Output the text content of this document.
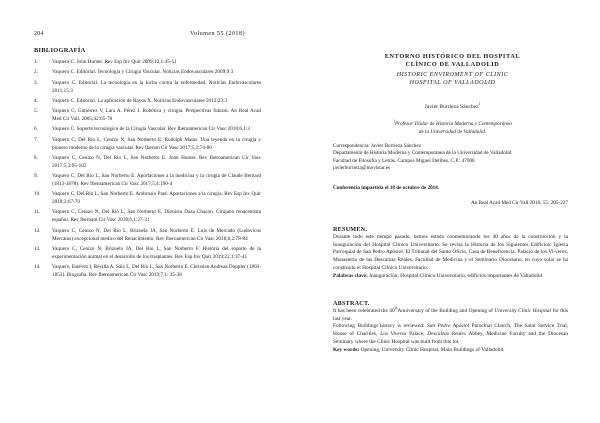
204	Volumen 55 (2018)
BIBLIOGRAFÍA
1.	Vaquero C. John Hunter. Rev Esp Inv Quir 2009;12,1:45-51
2.	Vaquero C. Editorial. Tecnología y Cirugía Vascular. Noticias Endovasculares 2009;9:3
3.	Vaquero C. Editorial. La tecnología en la lucha contra la enfermedad. Noticias Endovasculares 2011;15:3
4.	Vaquero C. Editorial. La aplicación de Rayos X. Noticias Endovasculares 2013;23:3
5.	Vaquero C, Gutiérrez V, Lara A. Pérez J. Robótica y cirugía. Perspectivas futuras. An Real Acad Med Cir Vall. 2005;42:65-78
6.	Vaquero C. Soporte tecnológico de la Cirugía Vascular. Rev Iberoamerican Cir Vasc 2018;6,1:3
7.	Vaquero C, Del Río L, Cenizo N, San Norberto E. Rudolph Matas. Una leyenda en la cirugía y pionero moderno de la cirugía vascular. Rev Iberam Cir Vasc 2017;5,2:74-80
8.	Vaquero C, Cenizo N, Del Río L, San Norberto E. John Hunter. Rev Iberoamerican Cir Vasc 2017;5,3:95-102
9.	Vaquero C, Del Río L, San Norberto E. Aportaciones a la medicina y la cirugía de Claude Bernard (1813-1878). Rev Iberoamerican Cir Vasc 2017;5,4:190-4
10. Vaquero C, Del Río L, San Norberto E. Ambrosio Paré. Aportaciones a la cirugía. Rev Esp Inv Quir 2018;2:67-70
11. Vaquero C, Cenizo N, Del Río L, San Norberto E. Dionisio Daza Chacón. Cirujano renacentista español. Rev Iberoam Cir Vasc 2018;6,1:27-31
12. Vaquero C, Cenizo N, Del Río L, Brizuela JA, San Norberto E. Luis de Mercado (Ludovicus Mercatus) excepcional médico del Renacimiento. Rev Iberoamerican Cir Vasc 2018;6,2:78-84
13. Vaquero C, Cenizo N, Brizuela JA, Del Río L, San Norberto F. Historia del soporte de la experimentación animal en el desarrollo de los trasplantes. Rev Esp Inv Quir 2019;22,1:37-41
14. Vaquero, Estévez I, Revilla A, Sáiz L, Del Río L, San Norberto E. Christian Andreas Doppler (1803-1853). Biografía. Rev Iberoamerican Cir Vasc 2019;7,1: 35-38
ENTORNO HISTÓRICO DEL HOSPITAL
CLÍNICO DE VALLADOLID
HISTORIC ENVIROMENT OF CLINIC
HOSPITAL OF VALLADOLID
Javier Burrieza Sánchez$^1$
$^1$Profesor Titular de Historia Moderna y Contemporánea
de la Universidad de Valladolid.
Correspondencia: Javier Burrieza Sánchez
Departamento de Historia Moderna y Contemporánea de la Universidad de Valladolid.
Facultad de Filosofía y Letras. Campus Miguel Delibes. C.P.: 47008
javierburrieza@movistar.es
Conferencia impartida el 18 de octubre de 2018.
An Real Acad Med Cir Vall 2018; 55: 205-227
RESUMEN.

Durante todo este tiempo pasado, hemos estado conmemorando los 40 años de la construcción y la Inauguración del Hospital Clínico Universitario. Se revisa la Historia de los Siguientes Edificios: Iglesia Parroquial de San Pedro Apóstol, El Tribunal del Santo Oficio, Casa de Beneficencia, Palacio de los Vi-veros, Monasterio de las Descalzas Reales, Facultad de Medicina y el Seminario Diocesano, en cuyo solar se ha construido el Hospital Clínico Universitario.

Palabras clave: Inauguración, Hospital Clínico Universitario, edificios importantes de Valladolid.

ABSTRACT.

It has been celebrated the 40thAnniversary of the Building and Opening of University Clinic Hospital for this last year.

Following Buildings´history is reviewed: San Pedro Apóstol Parochial Church, The Saint Service Trial, House of Charities, Los Viveros Palace, Descalzas Reales Abbey, Medicine Faculty and the Diocesan Seminary where the Clinic Hospital was built from this lot.

Key words: Opening, University Clinic Hospital, Main Buildings of Valladolid.
